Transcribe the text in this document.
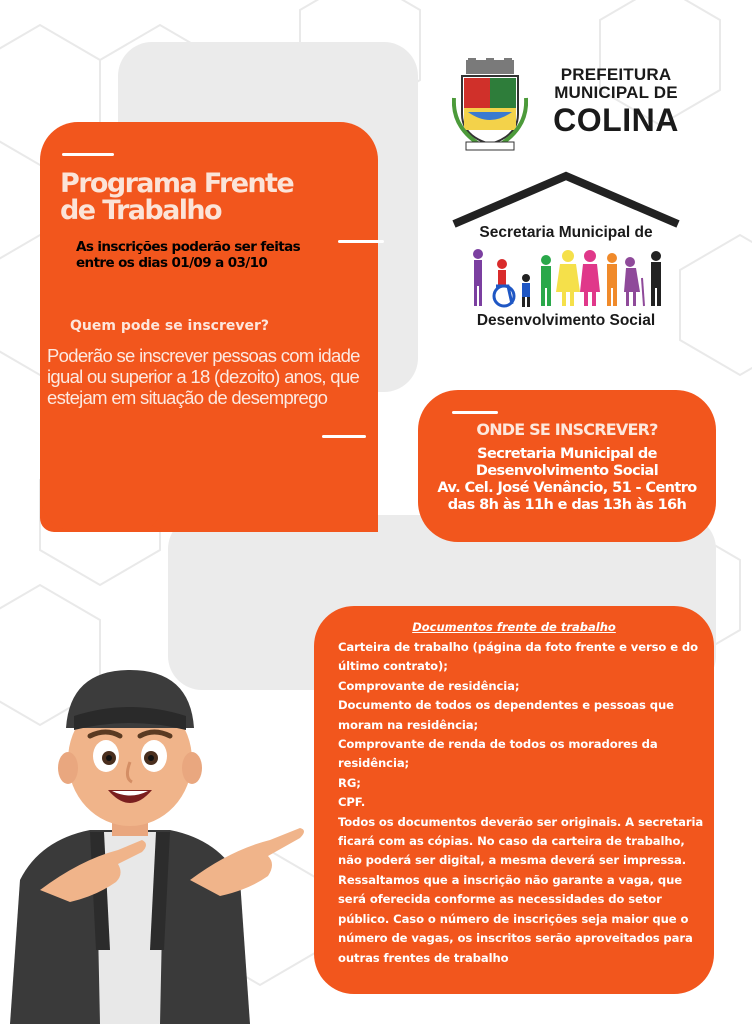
Programa Frente
de Trabalho
As inscrições poderão ser feitas
entre os dias 01/09 a 03/10
Quem pode se inscrever?
Poderão se inscrever pessoas com idade igual ou superior a 18 (dezoito) anos, que estejam em situação de desemprego
PREFEITURA
MUNICIPAL DE
COLINA
Secretaria Municipal de
Desenvolvimento Social
ONDE SE INSCREVER?
Secretaria Municipal de
Desenvolvimento Social
Av. Cel. José Venâncio, 51 - Centro
das 8h às 11h e das 13h às 16h
Documentos frente de trabalho
Carteira de trabalho (página da foto frente e verso e do último contrato);
Comprovante de residência;
Documento de todos os dependentes e pessoas que moram na residência;
Comprovante de renda de todos os moradores da residência;
RG;
CPF.
Todos os documentos deverão ser originais. A secretaria ficará com as cópias. No caso da carteira de trabalho, não poderá ser digital, a mesma deverá ser impressa.
Ressaltamos que a inscrição não garante a vaga, que será oferecida conforme as necessidades do setor público. Caso o número de inscrições seja maior que o número de vagas, os inscritos serão aproveitados para outras frentes de trabalho
